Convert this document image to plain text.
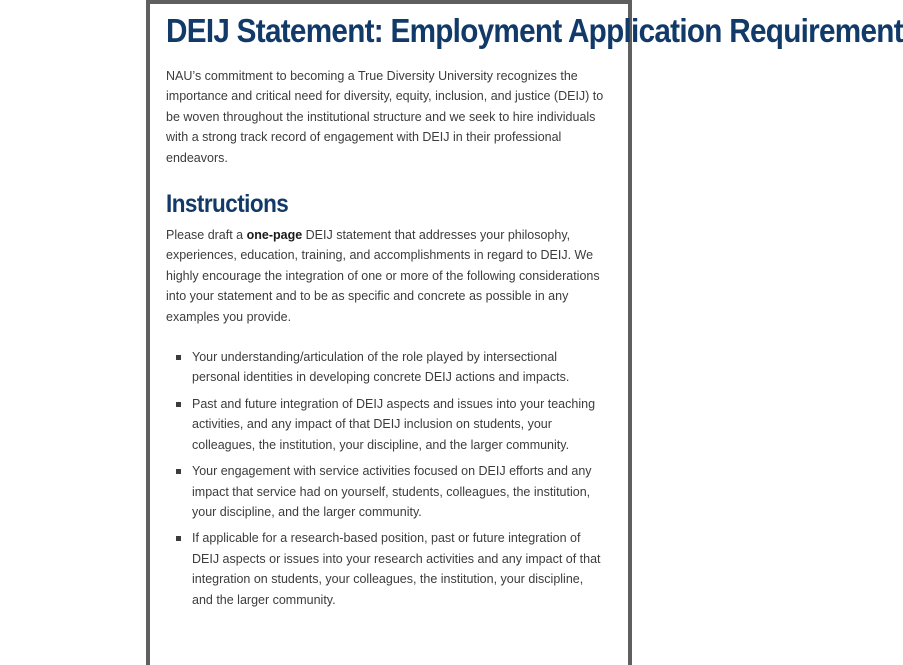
DEIJ Statement: Employment Application Requirement

NAU’s commitment to becoming a True Diversity University recognizes the importance and critical need for diversity, equity, inclusion, and justice (DEIJ) to be woven throughout the institutional structure and we seek to hire individuals with a strong track record of engagement with DEIJ in their professional endeavors.

Instructions

Please draft a one-page DEIJ statement that addresses your philosophy, experiences, education, training, and accomplishments in regard to DEIJ. We highly encourage the integration of one or more of the following considerations into your statement and to be as specific and concrete as possible in any examples you provide.

Your understanding/articulation of the role played by intersectional personal identities in developing concrete DEIJ actions and impacts.
Past and future integration of DEIJ aspects and issues into your teaching activities, and any impact of that DEIJ inclusion on students, your colleagues, the institution, your discipline, and the larger community.
Your engagement with service activities focused on DEIJ efforts and any impact that service had on yourself, students, colleagues, the institution, your discipline, and the larger community.
If applicable for a research-based position, past or future integration of DEIJ aspects or issues into your research activities and any impact of that integration on students, your colleagues, the institution, your discipline, and the larger community.
